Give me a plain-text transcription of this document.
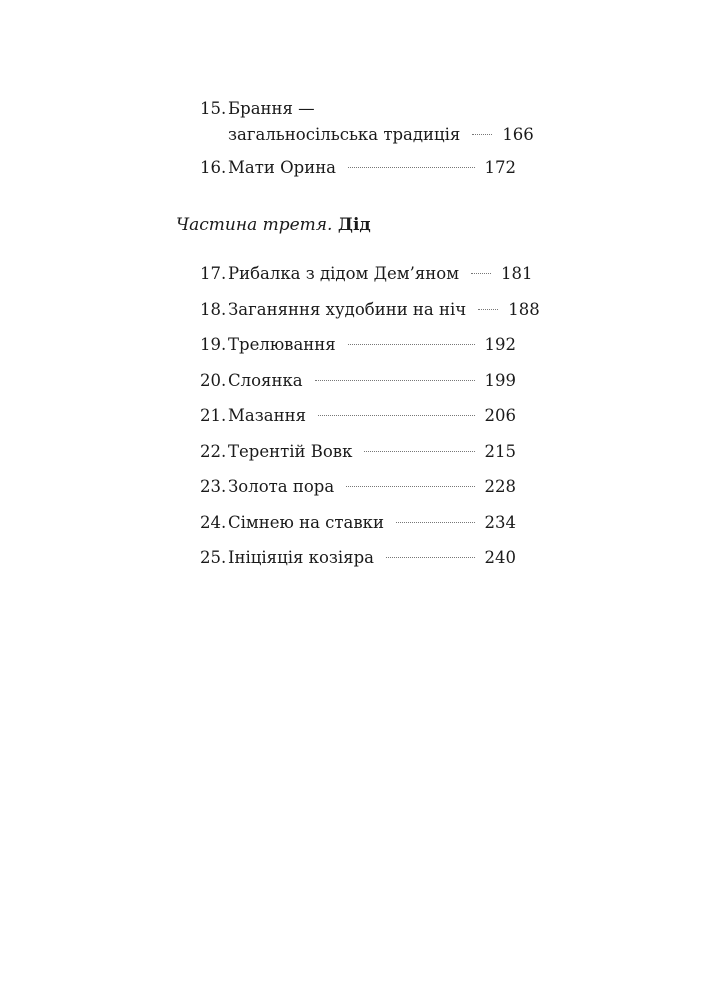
15. Брання —
загальносільська традиція	166
16. Мати Орина	172
Частина третя. Дід
17. Рибалка з дідом Дем’яном	181
18. Заганяння худобини на ніч	188
19. Трелювання	192
20. Слоянка	199
21. Мазання	206
22. Терентій Вовк	215
23. Золота пора	228
24. Сімнею на ставки	234
25. Ініціяція козіяра	240
